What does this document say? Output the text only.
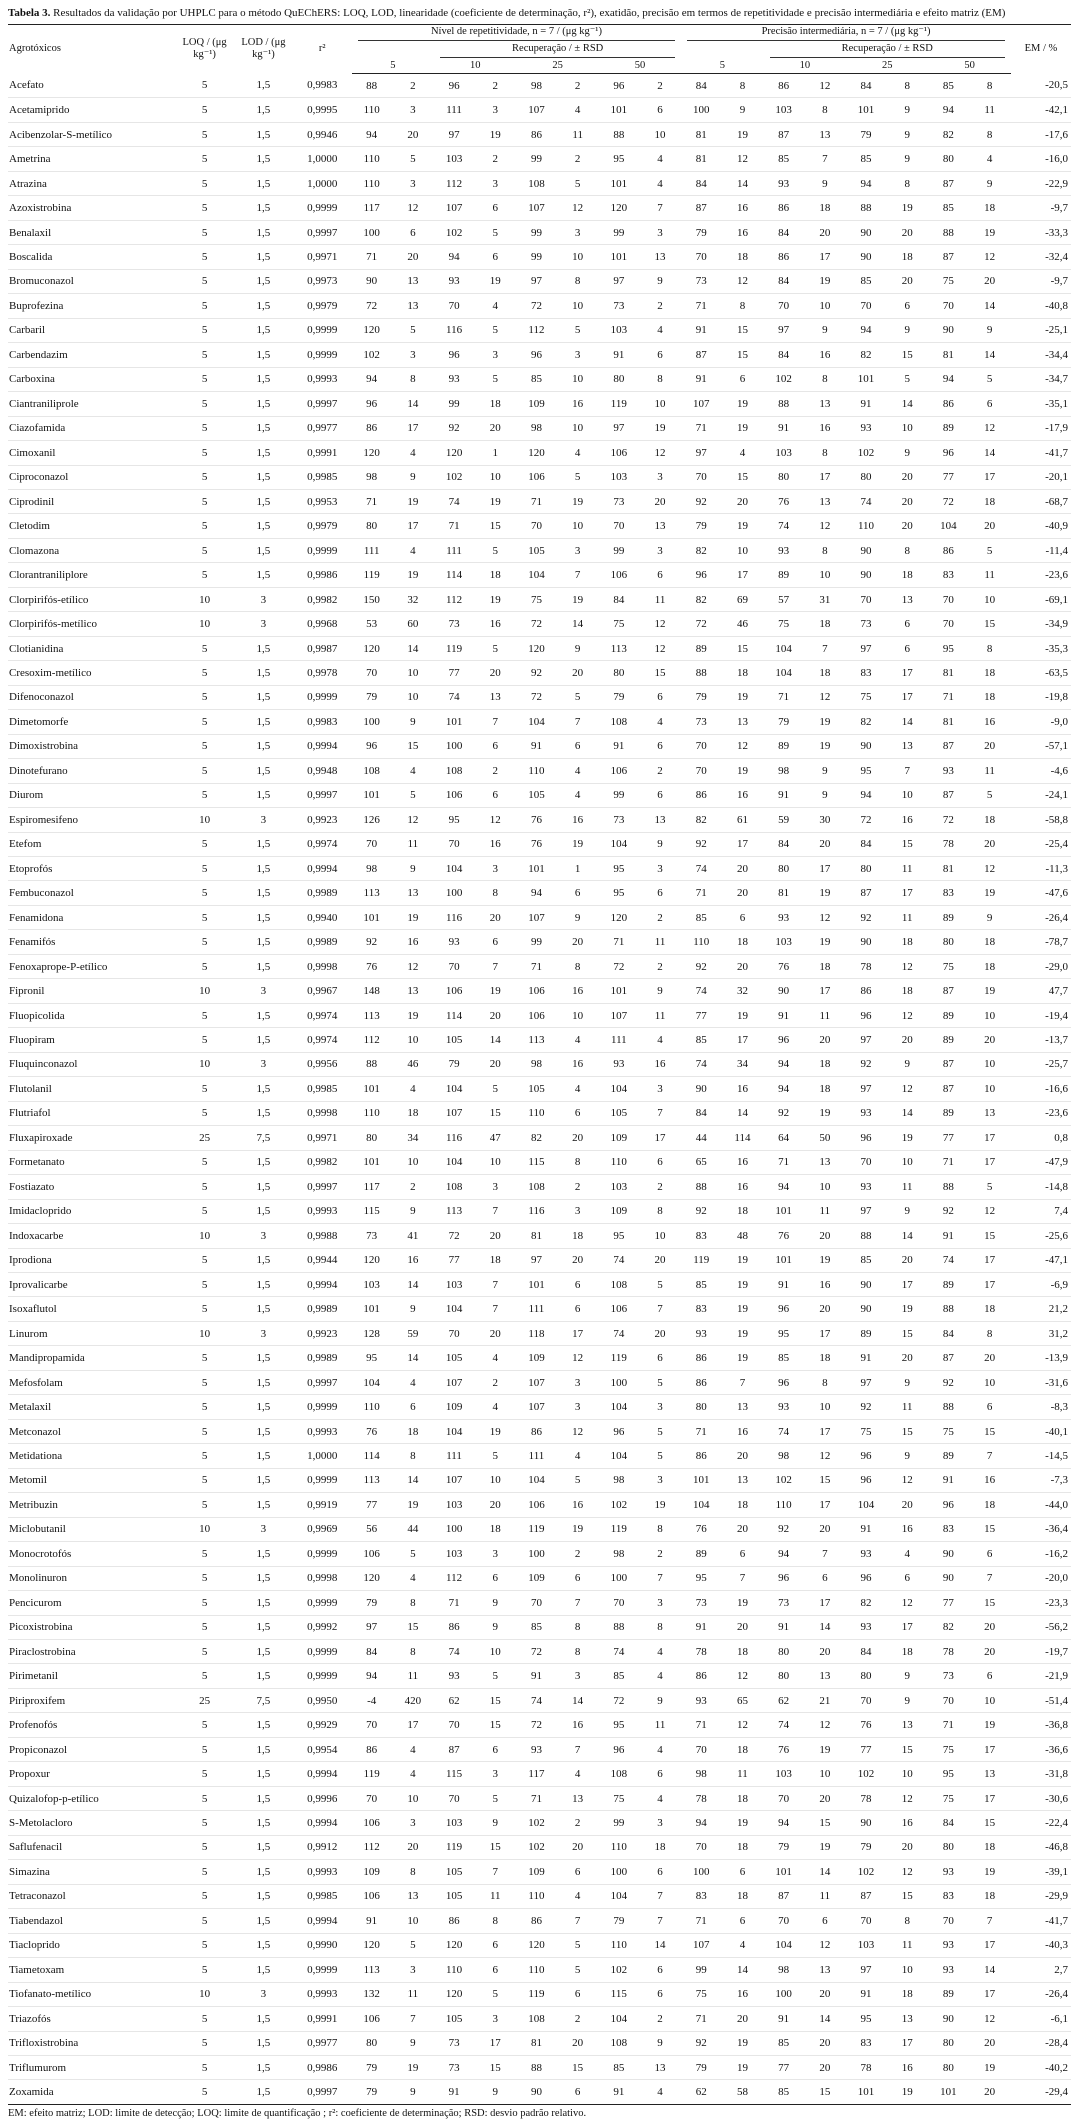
Tabela 3. Resultados da validação por UHPLC para o método QuEChERS: LOQ, LOD, linearidade (coeficiente de determinação, r²), exatidão, precisão em termos de repetitividade e precisão intermediária e efeito matriz (EM)

Agrotóxicos	LOQ / (μg kg⁻¹)	LOD / (μg kg⁻¹)	r²	Nível de repetitividade, n = 7 / (μg kg⁻¹)								Precisão intermediária, n = 7 / (μg kg⁻¹)								EM / %

						Recuperação / ± RSD								Recuperação / ± RSD						

				5		10		25		50		5		10		25		50		
Acefato	5	1,5	0,9983	88	2	96	2	98	2	96	2	84	8	86	12	84	8	85	8	-20,5
Acetamiprido	5	1,5	0,9995	110	3	111	3	107	4	101	6	100	9	103	8	101	9	94	11	-42,1
Acibenzolar-S-metílico	5	1,5	0,9946	94	20	97	19	86	11	88	10	81	19	87	13	79	9	82	8	-17,6
Ametrina	5	1,5	1,0000	110	5	103	2	99	2	95	4	81	12	85	7	85	9	80	4	-16,0
Atrazina	5	1,5	1,0000	110	3	112	3	108	5	101	4	84	14	93	9	94	8	87	9	-22,9
Azoxistrobina	5	1,5	0,9999	117	12	107	6	107	12	120	7	87	16	86	18	88	19	85	18	-9,7
Benalaxil	5	1,5	0,9997	100	6	102	5	99	3	99	3	79	16	84	20	90	20	88	19	-33,3
Boscalida	5	1,5	0,9971	71	20	94	6	99	10	101	13	70	18	86	17	90	18	87	12	-32,4
Bromuconazol	5	1,5	0,9973	90	13	93	19	97	8	97	9	73	12	84	19	85	20	75	20	-9,7
Buprofezina	5	1,5	0,9979	72	13	70	4	72	10	73	2	71	8	70	10	70	6	70	14	-40,8
Carbaril	5	1,5	0,9999	120	5	116	5	112	5	103	4	91	15	97	9	94	9	90	9	-25,1
Carbendazim	5	1,5	0,9999	102	3	96	3	96	3	91	6	87	15	84	16	82	15	81	14	-34,4
Carboxina	5	1,5	0,9993	94	8	93	5	85	10	80	8	91	6	102	8	101	5	94	5	-34,7
Ciantraniliprole	5	1,5	0,9997	96	14	99	18	109	16	119	10	107	19	88	13	91	14	86	6	-35,1
Ciazofamida	5	1,5	0,9977	86	17	92	20	98	10	97	19	71	19	91	16	93	10	89	12	-17,9
Cimoxanil	5	1,5	0,9991	120	4	120	1	120	4	106	12	97	4	103	8	102	9	96	14	-41,7
Ciproconazol	5	1,5	0,9985	98	9	102	10	106	5	103	3	70	15	80	17	80	20	77	17	-20,1
Ciprodinil	5	1,5	0,9953	71	19	74	19	71	19	73	20	92	20	76	13	74	20	72	18	-68,7
Cletodim	5	1,5	0,9979	80	17	71	15	70	10	70	13	79	19	74	12	110	20	104	20	-40,9
Clomazona	5	1,5	0,9999	111	4	111	5	105	3	99	3	82	10	93	8	90	8	86	5	-11,4
Clorantraniliplore	5	1,5	0,9986	119	19	114	18	104	7	106	6	96	17	89	10	90	18	83	11	-23,6
Clorpirifós-etílico	10	3	0,9982	150	32	112	19	75	19	84	11	82	69	57	31	70	13	70	10	-69,1
Clorpirifós-metílico	10	3	0,9968	53	60	73	16	72	14	75	12	72	46	75	18	73	6	70	15	-34,9
Clotianidina	5	1,5	0,9987	120	14	119	5	120	9	113	12	89	15	104	7	97	6	95	8	-35,3
Cresoxim-metílico	5	1,5	0,9978	70	10	77	20	92	20	80	15	88	18	104	18	83	17	81	18	-63,5
Difenoconazol	5	1,5	0,9999	79	10	74	13	72	5	79	6	79	19	71	12	75	17	71	18	-19,8
Dimetomorfe	5	1,5	0,9983	100	9	101	7	104	7	108	4	73	13	79	19	82	14	81	16	-9,0
Dimoxistrobina	5	1,5	0,9994	96	15	100	6	91	6	91	6	70	12	89	19	90	13	87	20	-57,1
Dinotefurano	5	1,5	0,9948	108	4	108	2	110	4	106	2	70	19	98	9	95	7	93	11	-4,6
Diurom	5	1,5	0,9997	101	5	106	6	105	4	99	6	86	16	91	9	94	10	87	5	-24,1
Espiromesifeno	10	3	0,9923	126	12	95	12	76	16	73	13	82	61	59	30	72	16	72	18	-58,8
Etefom	5	1,5	0,9974	70	11	70	16	76	19	104	9	92	17	84	20	84	15	78	20	-25,4
Etoprofós	5	1,5	0,9994	98	9	104	3	101	1	95	3	74	20	80	17	80	11	81	12	-11,3
Fembuconazol	5	1,5	0,9989	113	13	100	8	94	6	95	6	71	20	81	19	87	17	83	19	-47,6
Fenamidona	5	1,5	0,9940	101	19	116	20	107	9	120	2	85	6	93	12	92	11	89	9	-26,4
Fenamifós	5	1,5	0,9989	92	16	93	6	99	20	71	11	110	18	103	19	90	18	80	18	-78,7
Fenoxaprope-P-etílico	5	1,5	0,9998	76	12	70	7	71	8	72	2	92	20	76	18	78	12	75	18	-29,0
Fipronil	10	3	0,9967	148	13	106	19	106	16	101	9	74	32	90	17	86	18	87	19	47,7
Fluopicolida	5	1,5	0,9974	113	19	114	20	106	10	107	11	77	19	91	11	96	12	89	10	-19,4
Fluopiram	5	1,5	0,9974	112	10	105	14	113	4	111	4	85	17	96	20	97	20	89	20	-13,7
Fluquinconazol	10	3	0,9956	88	46	79	20	98	16	93	16	74	34	94	18	92	9	87	10	-25,7
Flutolanil	5	1,5	0,9985	101	4	104	5	105	4	104	3	90	16	94	18	97	12	87	10	-16,6
Flutriafol	5	1,5	0,9998	110	18	107	15	110	6	105	7	84	14	92	19	93	14	89	13	-23,6
Fluxapiroxade	25	7,5	0,9971	80	34	116	47	82	20	109	17	44	114	64	50	96	19	77	17	0,8
Formetanato	5	1,5	0,9982	101	10	104	10	115	8	110	6	65	16	71	13	70	10	71	17	-47,9
Fostiazato	5	1,5	0,9997	117	2	108	3	108	2	103	2	88	16	94	10	93	11	88	5	-14,8
Imidacloprido	5	1,5	0,9993	115	9	113	7	116	3	109	8	92	18	101	11	97	9	92	12	7,4
Indoxacarbe	10	3	0,9988	73	41	72	20	81	18	95	10	83	48	76	20	88	14	91	15	-25,6
Iprodiona	5	1,5	0,9944	120	16	77	18	97	20	74	20	119	19	101	19	85	20	74	17	-47,1
Iprovalicarbe	5	1,5	0,9994	103	14	103	7	101	6	108	5	85	19	91	16	90	17	89	17	-6,9
Isoxaflutol	5	1,5	0,9989	101	9	104	7	111	6	106	7	83	19	96	20	90	19	88	18	21,2
Linurom	10	3	0,9923	128	59	70	20	118	17	74	20	93	19	95	17	89	15	84	8	31,2
Mandipropamida	5	1,5	0,9989	95	14	105	4	109	12	119	6	86	19	85	18	91	20	87	20	-13,9
Mefosfolam	5	1,5	0,9997	104	4	107	2	107	3	100	5	86	7	96	8	97	9	92	10	-31,6
Metalaxil	5	1,5	0,9999	110	6	109	4	107	3	104	3	80	13	93	10	92	11	88	6	-8,3
Metconazol	5	1,5	0,9993	76	18	104	19	86	12	96	5	71	16	74	17	75	15	75	15	-40,1
Metidationa	5	1,5	1,0000	114	8	111	5	111	4	104	5	86	20	98	12	96	9	89	7	-14,5
Metomil	5	1,5	0,9999	113	14	107	10	104	5	98	3	101	13	102	15	96	12	91	16	-7,3
Metribuzin	5	1,5	0,9919	77	19	103	20	106	16	102	19	104	18	110	17	104	20	96	18	-44,0
Miclobutanil	10	3	0,9969	56	44	100	18	119	19	119	8	76	20	92	20	91	16	83	15	-36,4
Monocrotofós	5	1,5	0,9999	106	5	103	3	100	2	98	2	89	6	94	7	93	4	90	6	-16,2
Monolinuron	5	1,5	0,9998	120	4	112	6	109	6	100	7	95	7	96	6	96	6	90	7	-20,0
Pencicurom	5	1,5	0,9999	79	8	71	9	70	7	70	3	73	19	73	17	82	12	77	15	-23,3
Picoxistrobina	5	1,5	0,9992	97	15	86	9	85	8	88	8	91	20	91	14	93	17	82	20	-56,2
Piraclostrobina	5	1,5	0,9999	84	8	74	10	72	8	74	4	78	18	80	20	84	18	78	20	-19,7
Pirimetanil	5	1,5	0,9999	94	11	93	5	91	3	85	4	86	12	80	13	80	9	73	6	-21,9
Piriproxifem	25	7,5	0,9950	-4	420	62	15	74	14	72	9	93	65	62	21	70	9	70	10	-51,4
Profenofós	5	1,5	0,9929	70	17	70	15	72	16	95	11	71	12	74	12	76	13	71	19	-36,8
Propiconazol	5	1,5	0,9954	86	4	87	6	93	7	96	4	70	18	76	19	77	15	75	17	-36,6
Propoxur	5	1,5	0,9994	119	4	115	3	117	4	108	6	98	11	103	10	102	10	95	13	-31,8
Quizalofop-p-etílico	5	1,5	0,9996	70	10	70	5	71	13	75	4	78	18	70	20	78	12	75	17	-30,6
S-Metolacloro	5	1,5	0,9994	106	3	103	9	102	2	99	3	94	19	94	15	90	16	84	15	-22,4
Saflufenacil	5	1,5	0,9912	112	20	119	15	102	20	110	18	70	18	79	19	79	20	80	18	-46,8
Simazina	5	1,5	0,9993	109	8	105	7	109	6	100	6	100	6	101	14	102	12	93	19	-39,1
Tetraconazol	5	1,5	0,9985	106	13	105	11	110	4	104	7	83	18	87	11	87	15	83	18	-29,9
Tiabendazol	5	1,5	0,9994	91	10	86	8	86	7	79	7	71	6	70	6	70	8	70	7	-41,7
Tiacloprido	5	1,5	0,9990	120	5	120	6	120	5	110	14	107	4	104	12	103	11	93	17	-40,3
Tiametoxam	5	1,5	0,9999	113	3	110	6	110	5	102	6	99	14	98	13	97	10	93	14	2,7
Tiofanato-metílico	10	3	0,9993	132	11	120	5	119	6	115	6	75	16	100	20	91	18	89	17	-26,4
Triazofós	5	1,5	0,9991	106	7	105	3	108	2	104	2	71	20	91	14	95	13	90	12	-6,1
Trifloxistrobina	5	1,5	0,9977	80	9	73	17	81	20	108	9	92	19	85	20	83	17	80	20	-28,4
Triflumurom	5	1,5	0,9986	79	19	73	15	88	15	85	13	79	19	77	20	78	16	80	19	-40,2
Zoxamida	5	1,5	0,9997	79	9	91	9	90	6	91	4	62	58	85	15	101	19	101	20	-29,4
EM: efeito matriz; LOD: limite de detecção; LOQ: limite de quantificação ; r²: coeficiente de determinação; RSD: desvio padrão relativo.
